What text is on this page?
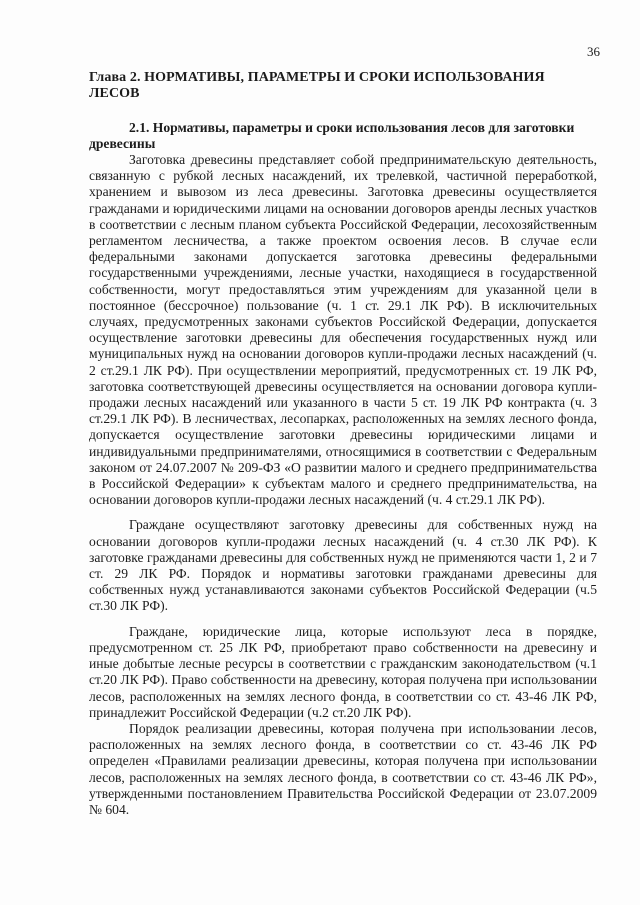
36
Глава 2. НОРМАТИВЫ, ПАРАМЕТРЫ И СРОКИ ИСПОЛЬЗОВАНИЯ ЛЕСОВ
2.1. Нормативы, параметры и сроки использования лесов для заготовки древесины

Заготовка древесины представляет собой предпринимательскую деятельность, связанную с рубкой лесных насаждений, их трелевкой, частичной переработкой, хранением и вывозом из леса древесины. Заготовка древесины осуществляется гражданами и юридическими лицами на основании договоров аренды лесных участков в соответствии с лесным планом субъекта Российской Федерации, лесохозяйственным регламентом лесничества, а также проектом освоения лесов. В случае если федеральными законами допускается заготовка древесины федеральными государственными учреждениями, лесные участки, находящиеся в государственной собственности, могут предоставляться этим учреждениям для указанной цели в постоянное (бессрочное) пользование (ч. 1 ст. 29.1 ЛК РФ). В исключительных случаях, предусмотренных законами субъектов Российской Федерации, допускается осуществление заготовки древесины для обеспечения государственных нужд или муниципальных нужд на основании договоров купли-продажи лесных насаждений (ч. 2 ст.29.1 ЛК РФ). При осуществлении мероприятий, предусмотренных ст. 19 ЛК РФ, заготовка соответствующей древесины осуществляется на основании договора купли-продажи лесных насаждений или указанного в части 5 ст. 19 ЛК РФ контракта (ч. 3 ст.29.1 ЛК РФ). В лесничествах, лесопарках, расположенных на землях лесного фонда, допускается осуществление заготовки древесины юридическими лицами и индивидуальными предпринимателями, относящимися в соответствии с Федеральным законом от 24.07.2007 № 209-ФЗ «О развитии малого и среднего предпринимательства в Российской Федерации» к субъектам малого и среднего предпринимательства, на основании договоров купли-продажи лесных насаждений (ч. 4 ст.29.1 ЛК РФ).

Граждане осуществляют заготовку древесины для собственных нужд на основании договоров купли-продажи лесных насаждений (ч. 4 ст.30 ЛК РФ). К заготовке гражданами древесины для собственных нужд не применяются части 1, 2 и 7 ст. 29 ЛК РФ. Порядок и нормативы заготовки гражданами древесины для собственных нужд устанавливаются законами субъектов Российской Федерации (ч.5 ст.30 ЛК РФ).

Граждане, юридические лица, которые используют леса в порядке, предусмотренном ст. 25 ЛК РФ, приобретают право собственности на древесину и иные добытые лесные ресурсы в соответствии с гражданским законодательством (ч.1 ст.20 ЛК РФ). Право собственности на древесину, которая получена при использовании лесов, расположенных на землях лесного фонда, в соответствии со ст. 43-46 ЛК РФ, принадлежит Российской Федерации (ч.2 ст.20 ЛК РФ).

Порядок реализации древесины, которая получена при использовании лесов, расположенных на землях лесного фонда, в соответствии со ст. 43-46 ЛК РФ определен «Правилами реализации древесины, которая получена при использовании лесов, расположенных на землях лесного фонда, в соответствии со ст. 43-46 ЛК РФ», утвержденными постановлением Правительства Российской Федерации от 23.07.2009 № 604.
